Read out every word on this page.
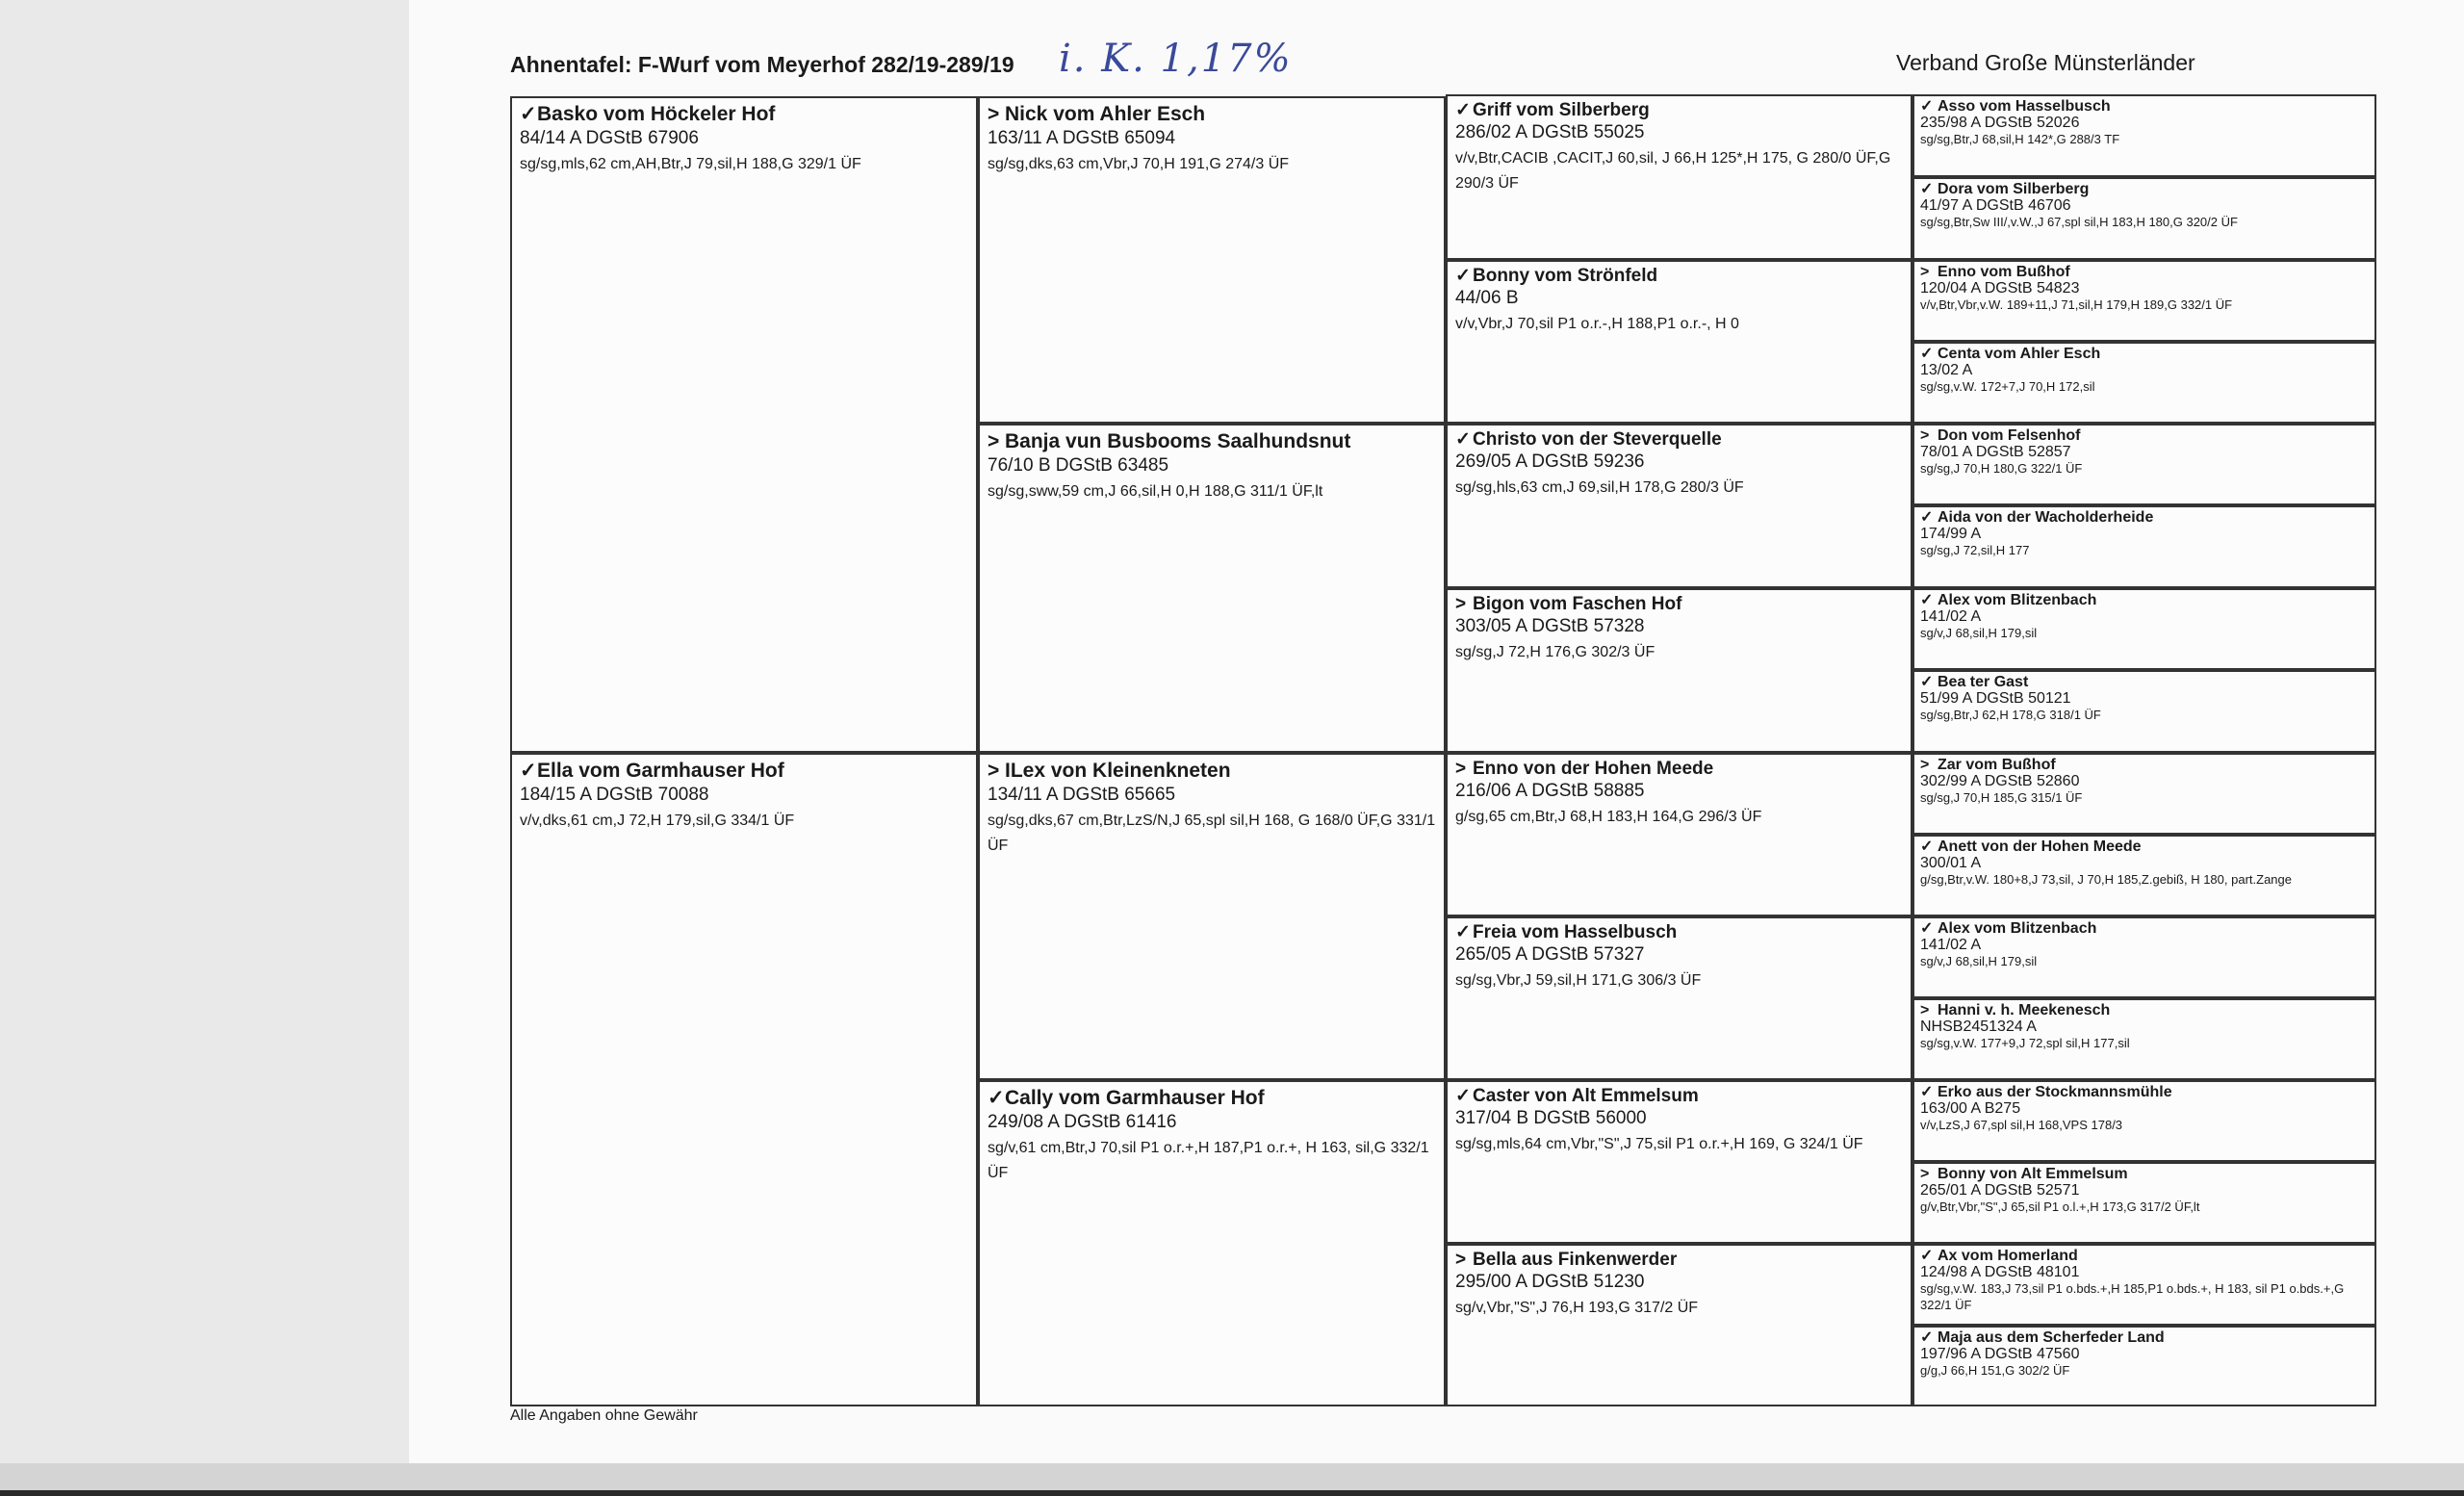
Ahnentafel: F-Wurf vom Meyerhof 282/19-289/19 i. K. 1,17%	Verband Große Münsterländer
✓Basko vom Höckeler Hof
84/14 A DGStB 67906
sg/sg,mls,62 cm,AH,Btr,J 79,sil,H 188,G 329/1 ÜF
✓Ella vom Garmhauser Hof
184/15 A DGStB 70088
v/v,dks,61 cm,J 72,H 179,sil,G 334/1 ÜF
> Nick vom Ahler Esch
163/11 A DGStB 65094
sg/sg,dks,63 cm,Vbr,J 70,H 191,G 274/3 ÜF
> Banja vun Busbooms Saalhundsnut
76/10 B DGStB 63485
sg/sg,sww,59 cm,J 66,sil,H 0,H 188,G 311/1 ÜF,lt
> ILex von Kleinenkneten
134/11 A DGStB 65665
sg/sg,dks,67 cm,Btr,LzS/N,J 65,spl sil,H 168, G 168/0 ÜF,G 331/1 ÜF
✓Cally vom Garmhauser Hof
249/08 A DGStB 61416
sg/v,61 cm,Btr,J 70,sil P1 o.r.+,H 187,P1 o.r.+, H 163, sil,G 332/1 ÜF
✓ Griff vom Silberberg
286/02 A DGStB 55025
v/v,Btr,CACIB ,CACIT,J 60,sil, J 66,H 125*,H 175, G 280/0 ÜF,G 290/3 ÜF
✓ Bonny vom Strönfeld
44/06 B
v/v,Vbr,J 70,sil P1 o.r.-,H 188,P1 o.r.-, H 0
✓ Christo von der Steverquelle
269/05 A DGStB 59236
sg/sg,hls,63 cm,J 69,sil,H 178,G 280/3 ÜF
> Bigon vom Faschen Hof
303/05 A DGStB 57328
sg/sg,J 72,H 176,G 302/3 ÜF
> Enno von der Hohen Meede
216/06 A DGStB 58885
g/sg,65 cm,Btr,J 68,H 183,H 164,G 296/3 ÜF
✓ Freia vom Hasselbusch
265/05 A DGStB 57327
sg/sg,Vbr,J 59,sil,H 171,G 306/3 ÜF
✓ Caster von Alt Emmelsum
317/04 B DGStB 56000
sg/sg,mls,64 cm,Vbr,"S",J 75,sil P1 o.r.+,H 169, G 324/1 ÜF
> Bella aus Finkenwerder
295/00 A DGStB 51230
sg/v,Vbr,"S",J 76,H 193,G 317/2 ÜF
✓ Asso vom Hasselbusch
235/98 A DGStB 52026
sg/sg,Btr,J 68,sil,H 142*,G 288/3 TF
✓ Dora vom Silberberg
41/97 A DGStB 46706
sg/sg,Btr,Sw III/,v.W.,J 67,spl sil,H 183,H 180,G 320/2 ÜF
> Enno vom Bußhof
120/04 A DGStB 54823
v/v,Btr,Vbr,v.W. 189+11,J 71,sil,H 179,H 189,G 332/1 ÜF
✓ Centa vom Ahler Esch
13/02 A
sg/sg,v.W. 172+7,J 70,H 172,sil
> Don vom Felsenhof
78/01 A DGStB 52857
sg/sg,J 70,H 180,G 322/1 ÜF
✓ Aida von der Wacholderheide
174/99 A
sg/sg,J 72,sil,H 177
✓ Alex vom Blitzenbach
141/02 A
sg/v,J 68,sil,H 179,sil
✓ Bea ter Gast
51/99 A DGStB 50121
sg/sg,Btr,J 62,H 178,G 318/1 ÜF
> Zar vom Bußhof
302/99 A DGStB 52860
sg/sg,J 70,H 185,G 315/1 ÜF
✓ Anett von der Hohen Meede
300/01 A
g/sg,Btr,v.W. 180+8,J 73,sil, J 70,H 185,Z.gebiß, H 180, part.Zange
✓ Alex vom Blitzenbach
141/02 A
sg/v,J 68,sil,H 179,sil
> Hanni v. h. Meekenesch
NHSB2451324 A
sg/sg,v.W. 177+9,J 72,spl sil,H 177,sil
✓ Erko aus der Stockmannsmühle
163/00 A B275
v/v,LzS,J 67,spl sil,H 168,VPS 178/3
> Bonny von Alt Emmelsum
265/01 A DGStB 52571
g/v,Btr,Vbr,"S",J 65,sil P1 o.l.+,H 173,G 317/2 ÜF,lt
✓ Ax vom Homerland
124/98 A DGStB 48101
sg/sg,v.W. 183,J 73,sil P1 o.bds.+,H 185,P1 o.bds.+, H 183, sil P1 o.bds.+,G 322/1 ÜF
✓ Maja aus dem Scherfeder Land
197/96 A DGStB 47560
g/g,J 66,H 151,G 302/2 ÜF
Alle Angaben ohne Gewähr
